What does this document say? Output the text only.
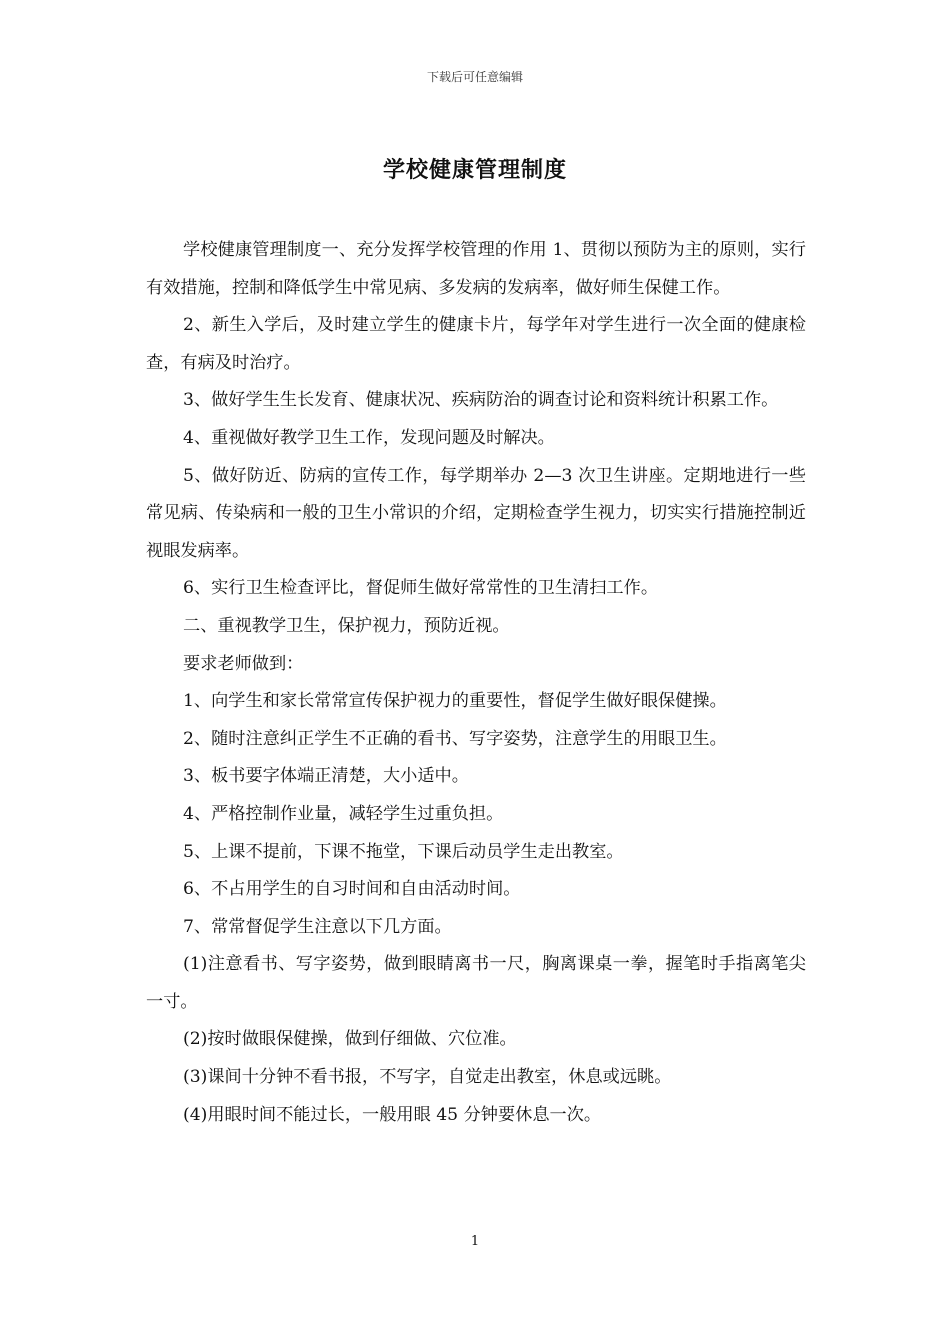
下载后可任意编辑
学校健康管理制度

学校健康管理制度一、充分发挥学校管理的作用 1、贯彻以预防为主的原则，实行有效措施，控制和降低学生中常见病、多发病的发病率，做好师生保健工作。

2、新生入学后，及时建立学生的健康卡片，每学年对学生进行一次全面的健康检查，有病及时治疗。

3、做好学生生长发育、健康状况、疾病防治的调查讨论和资料统计积累工作。

4、重视做好教学卫生工作，发现问题及时解决。

5、做好防近、防病的宣传工作，每学期举办 2—3 次卫生讲座。定期地进行一些常见病、传染病和一般的卫生小常识的介绍，定期检查学生视力，切实实行措施控制近视眼发病率。

6、实行卫生检查评比，督促师生做好常常性的卫生清扫工作。

二、重视教学卫生，保护视力，预防近视。

要求老师做到：

1、向学生和家长常常宣传保护视力的重要性，督促学生做好眼保健操。

2、随时注意纠正学生不正确的看书、写字姿势，注意学生的用眼卫生。

3、板书要字体端正清楚，大小适中。

4、严格控制作业量，减轻学生过重负担。

5、上课不提前，下课不拖堂，下课后动员学生走出教室。

6、不占用学生的自习时间和自由活动时间。

7、常常督促学生注意以下几方面。

(1)注意看书、写字姿势，做到眼睛离书一尺，胸离课桌一拳，握笔时手指离笔尖一寸。

(2)按时做眼保健操，做到仔细做、穴位准。

(3)课间十分钟不看书报，不写字，自觉走出教室，休息或远眺。

(4)用眼时间不能过长，一般用眼 45 分钟要休息一次。

1
